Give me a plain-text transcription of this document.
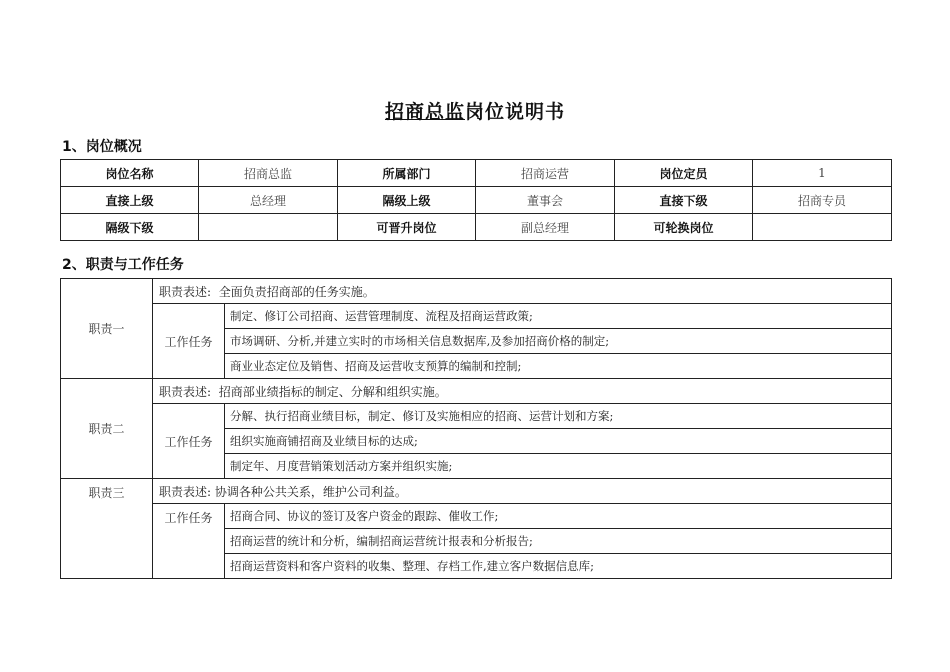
招商总监岗位说明书
1、岗位概况
岗位名称	招商总监	所属部门	招商运营	岗位定员	1
直接上级	总经理	隔级上级	董事会	直接下级	招商专员
隔级下级		可晋升岗位	副总经理	可轮换岗位	
2、职责与工作任务
职责一	职责表述: 全面负责招商部的任务实施。	
	工作任务	制定、修订公司招商、运营管理制度、流程及招商运营政策;
		市场调研、分析,并建立实时的市场相关信息数据库,及参加招商价格的制定;
		商业业态定位及销售、招商及运营收支预算的编制和控制;
职责二	职责表述: 招商部业绩指标的制定、分解和组织实施。	
	工作任务	分解、执行招商业绩目标，制定、修订及实施相应的招商、运营计划和方案;
		组织实施商铺招商及业绩目标的达成;
		制定年、月度营销策划活动方案并组织实施;
职责三	职责表述: 协调各种公共关系，维护公司利益。	
	工作任务	招商合同、协议的签订及客户资金的跟踪、催收工作;
		招商运营的统计和分析，编制招商运营统计报表和分析报告;
		招商运营资料和客户资料的收集、整理、存档工作,建立客户数据信息库;
